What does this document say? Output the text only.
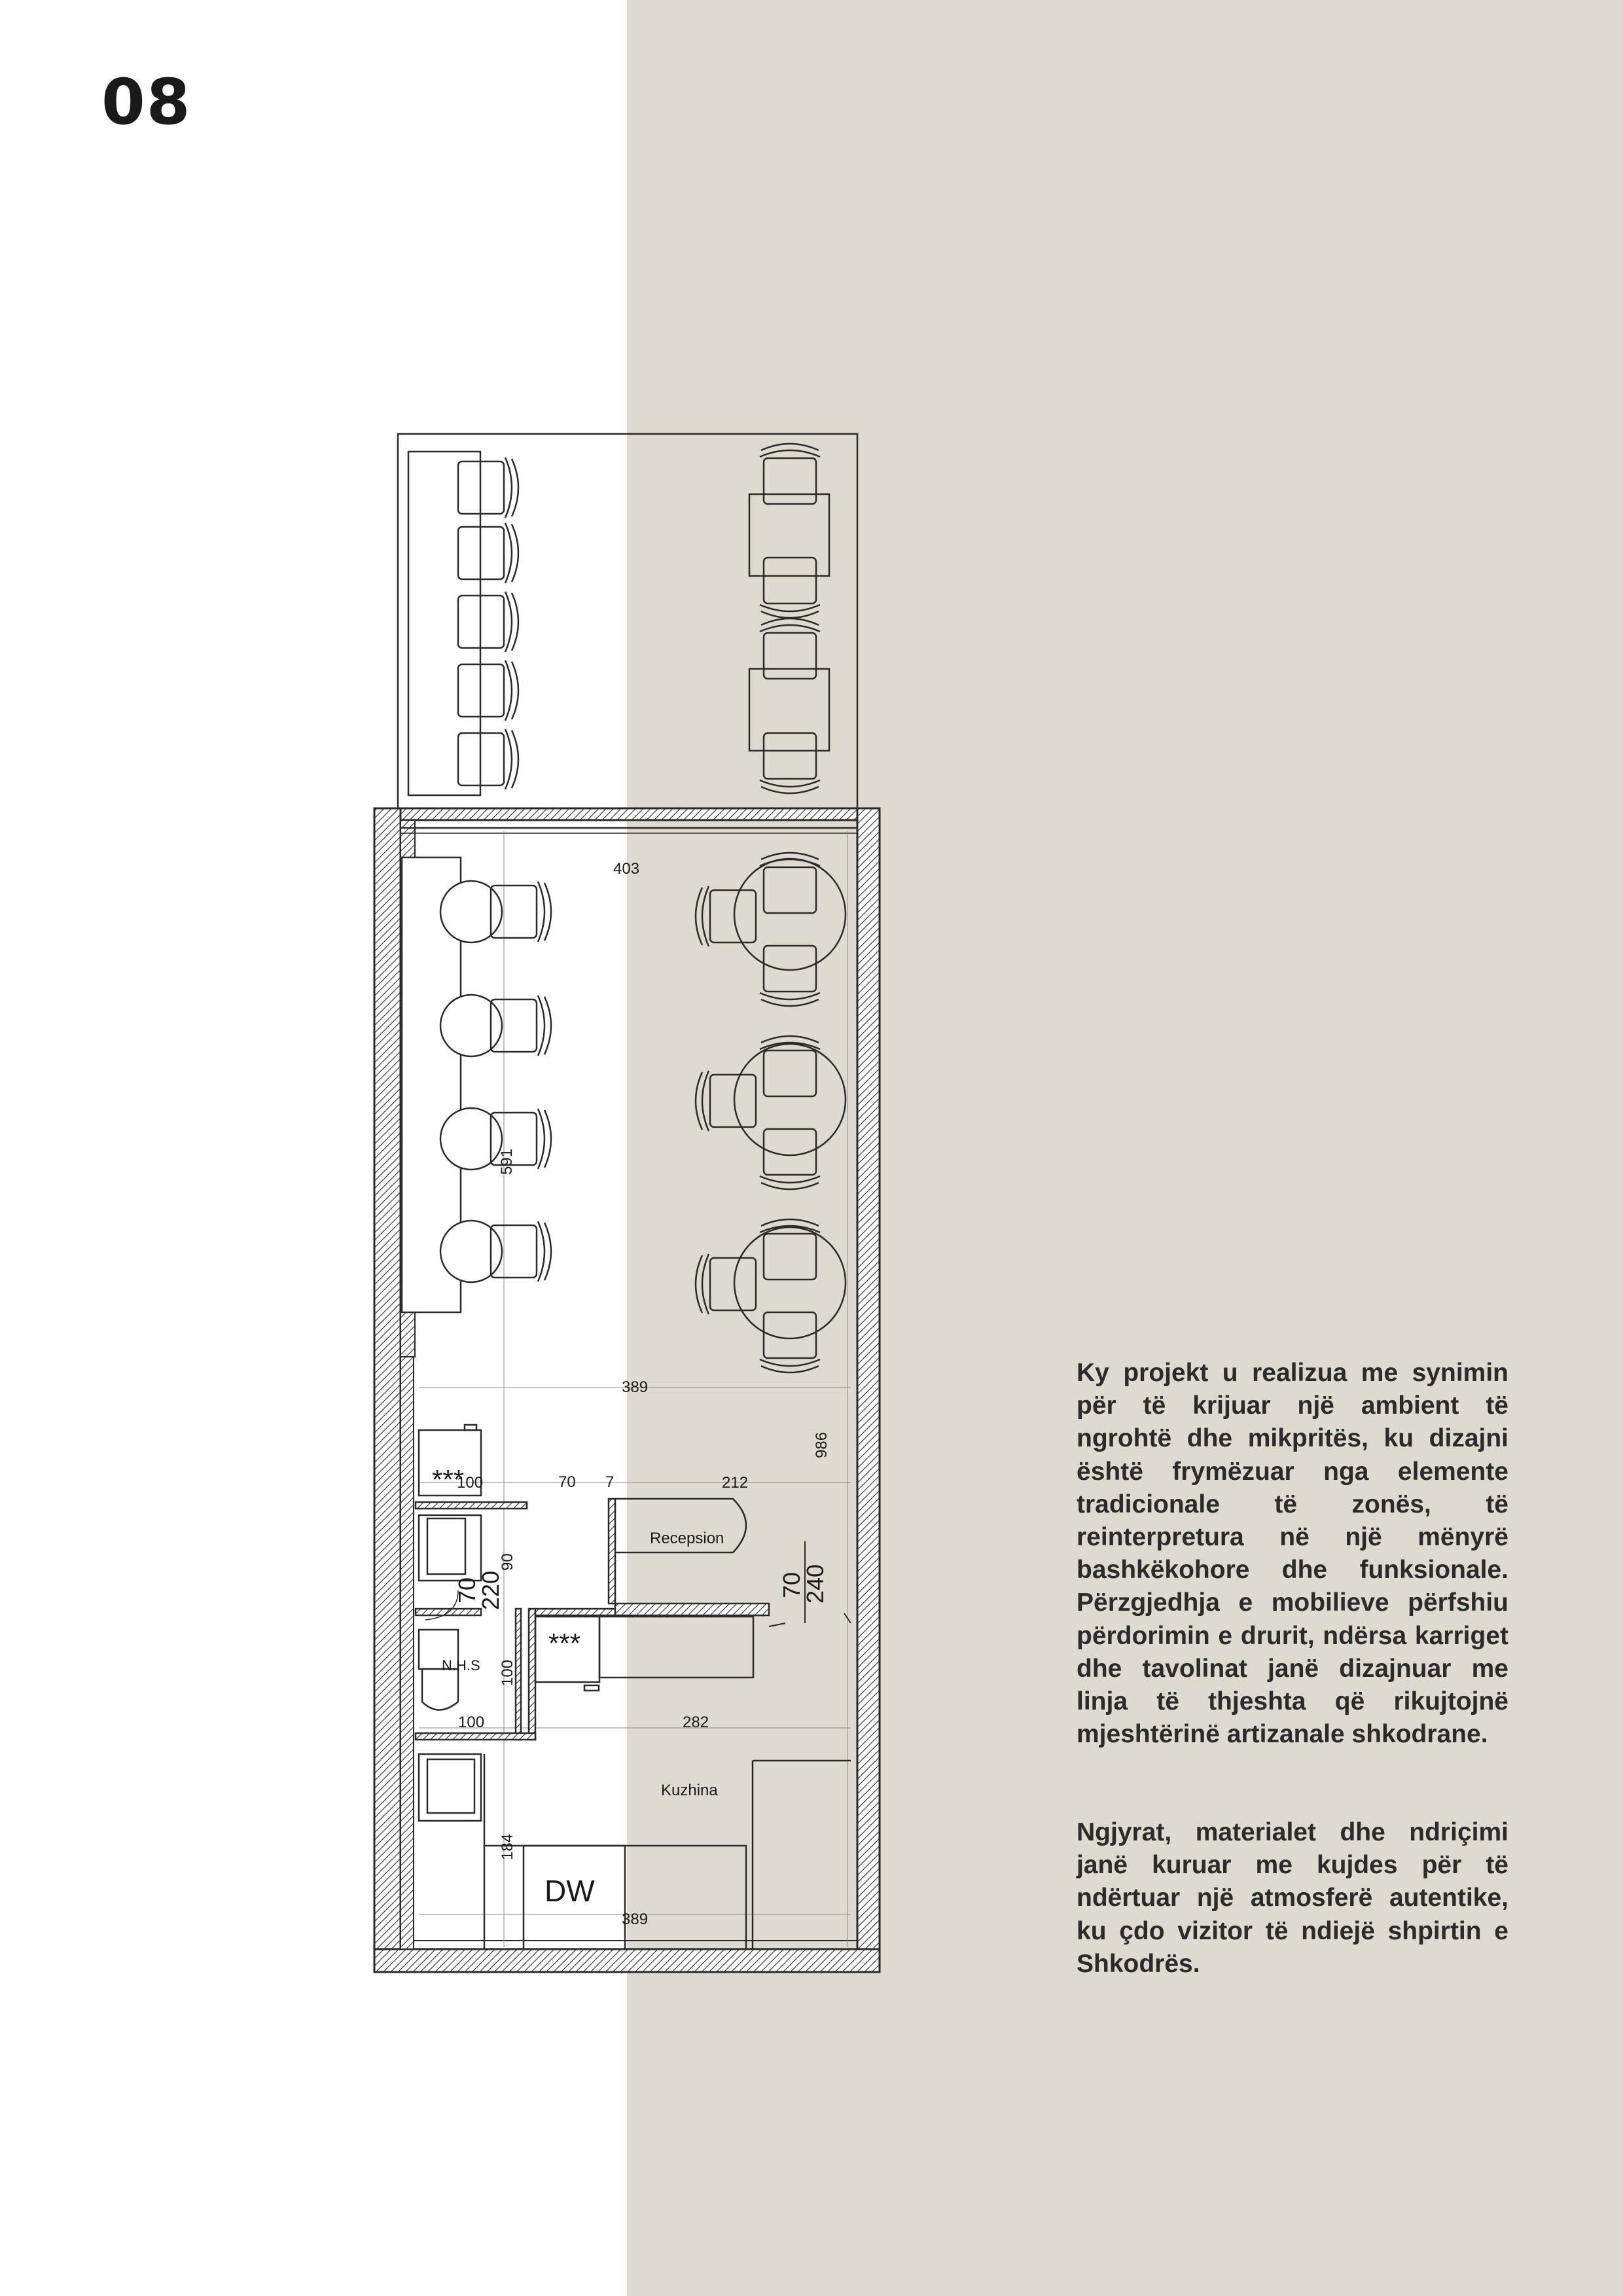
08
Recepsion
Kuzhina
N.H.S
DW
***
***
403
591
389
986
100	70 7	212
90
70
220	70
240
100
100	282
184
389
Ky projekt u realizua me synimin për të krijuar një ambient të ngrohtë dhe mikpritës, ku dizajni është frymëzuar nga elemente tradicionale të zonës, të reinterpretura në një mënyrë bashkëkohore dhe funksionale. Përzgjedhja e mobilieve përfshiu përdorimin e drurit, ndërsa karriget dhe tavolinat janë dizajnuar me linja të thjeshta që rikujtojnë mjeshtërinë artizanale shkodrane.
Ngjyrat, materialet dhe ndriçimi janë kuruar me kujdes për të ndërtuar një atmosferë autentike, ku çdo vizitor të ndiejë shpirtin e Shkodrës.
